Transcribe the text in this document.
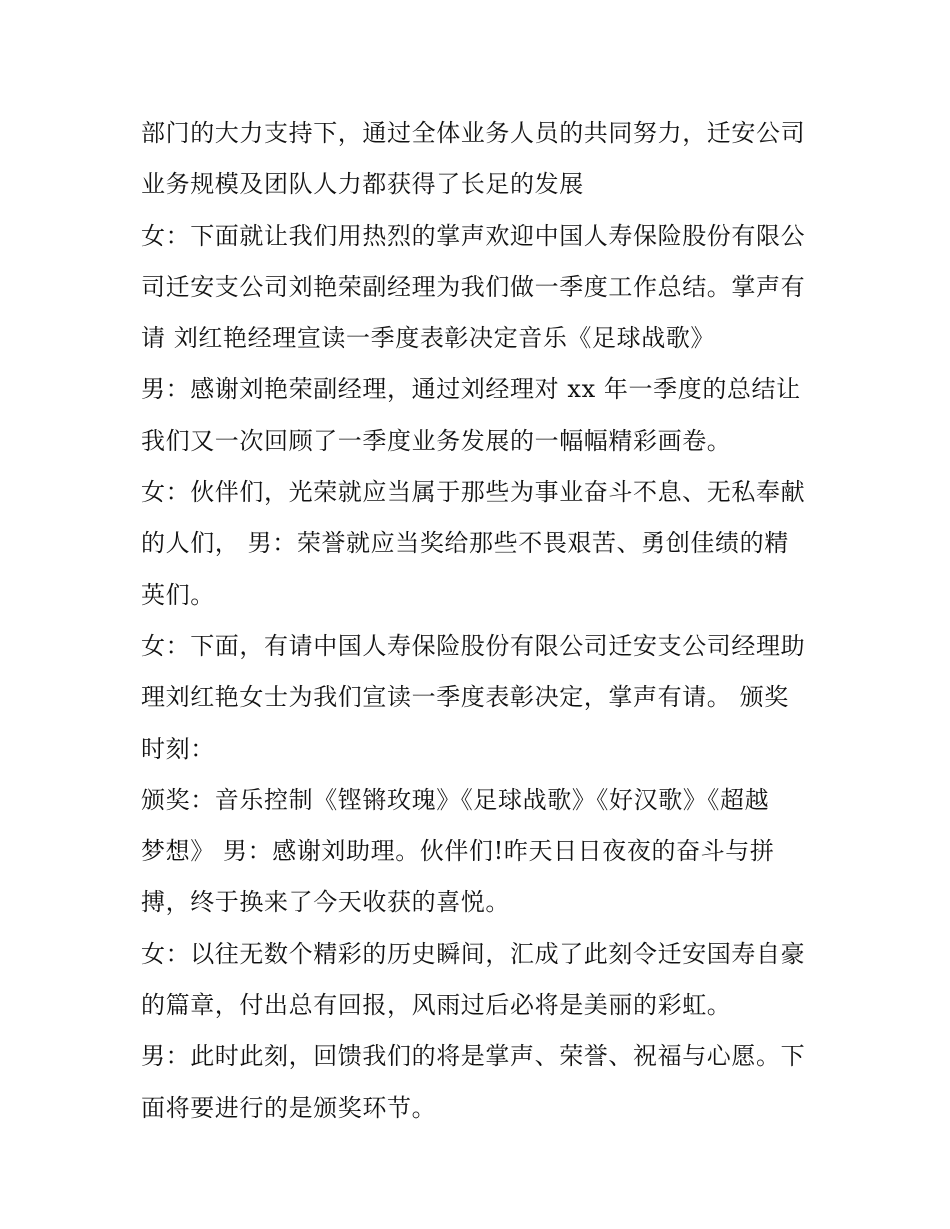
部门的大力支持下，通过全体业务人员的共同努力，迁安公司
业务规模及团队人力都获得了长足的发展
女：下面就让我们用热烈的掌声欢迎中国人寿保险股份有限公
司迁安支公司刘艳荣副经理为我们做一季度工作总结。掌声有
请 刘红艳经理宣读一季度表彰决定音乐《足球战歌》
男：感谢刘艳荣副经理，通过刘经理对 xx 年一季度的总结让
我们又一次回顾了一季度业务发展的一幅幅精彩画卷。
女：伙伴们，光荣就应当属于那些为事业奋斗不息、无私奉献
的人们， 男：荣誉就应当奖给那些不畏艰苦、勇创佳绩的精
英们。
女：下面，有请中国人寿保险股份有限公司迁安支公司经理助
理刘红艳女士为我们宣读一季度表彰决定，掌声有请。 颁奖
时刻：
颁奖：音乐控制《铿锵玫瑰》《足球战歌》《好汉歌》《超越
梦想》 男：感谢刘助理。伙伴们!昨天日日夜夜的奋斗与拼
搏，终于换来了今天收获的喜悦。
女：以往无数个精彩的历史瞬间，汇成了此刻令迁安国寿自豪
的篇章，付出总有回报，风雨过后必将是美丽的彩虹。
男：此时此刻，回馈我们的将是掌声、荣誉、祝福与心愿。下
面将要进行的是颁奖环节。
